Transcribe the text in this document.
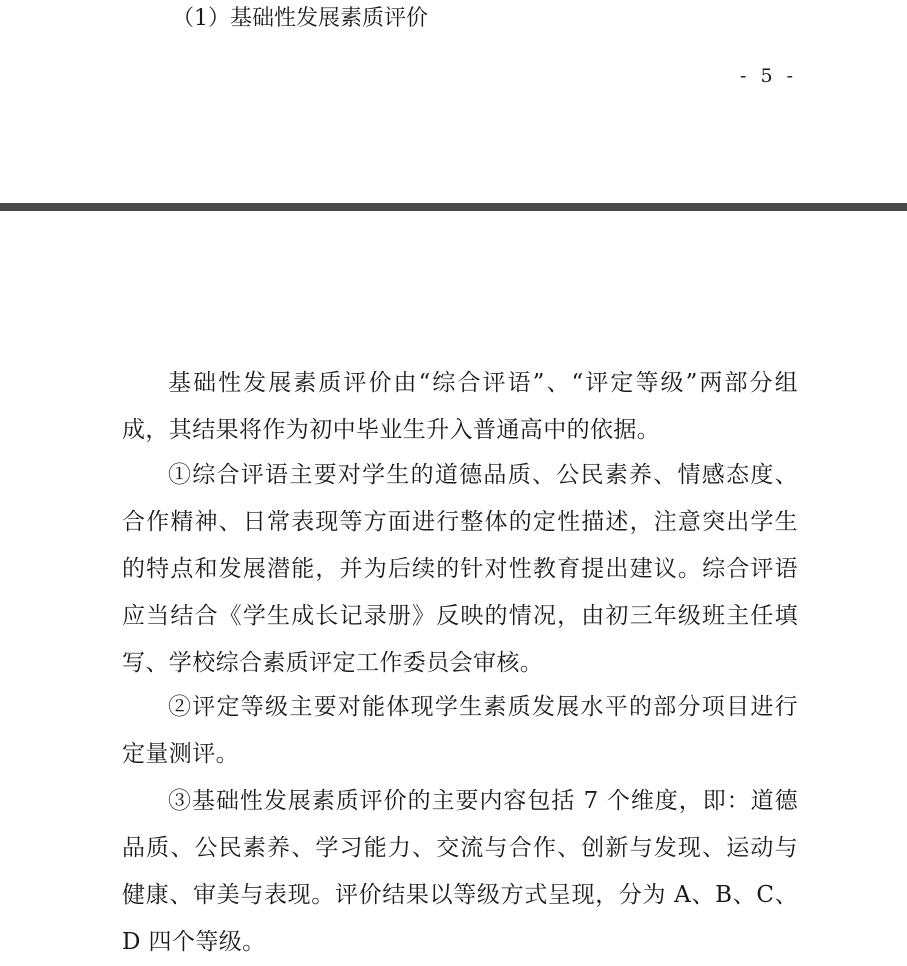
（1）基础性发展素质评价
- 5 -

基础性发展素质评价由“综合评语”、“评定等级”两部分组成，其结果将作为初中毕业生升入普通高中的依据。

①综合评语主要对学生的道德品质、公民素养、情感态度、合作精神、日常表现等方面进行整体的定性描述，注意突出学生的特点和发展潜能，并为后续的针对性教育提出建议。综合评语应当结合《学生成长记录册》反映的情况，由初三年级班主任填写、学校综合素质评定工作委员会审核。

②评定等级主要对能体现学生素质发展水平的部分项目进行定量测评。

③基础性发展素质评价的主要内容包括 7 个维度，即：道德品质、公民素养、学习能力、交流与合作、创新与发现、运动与健康、审美与表现。评价结果以等级方式呈现，分为 A、B、C、D 四个等级。
